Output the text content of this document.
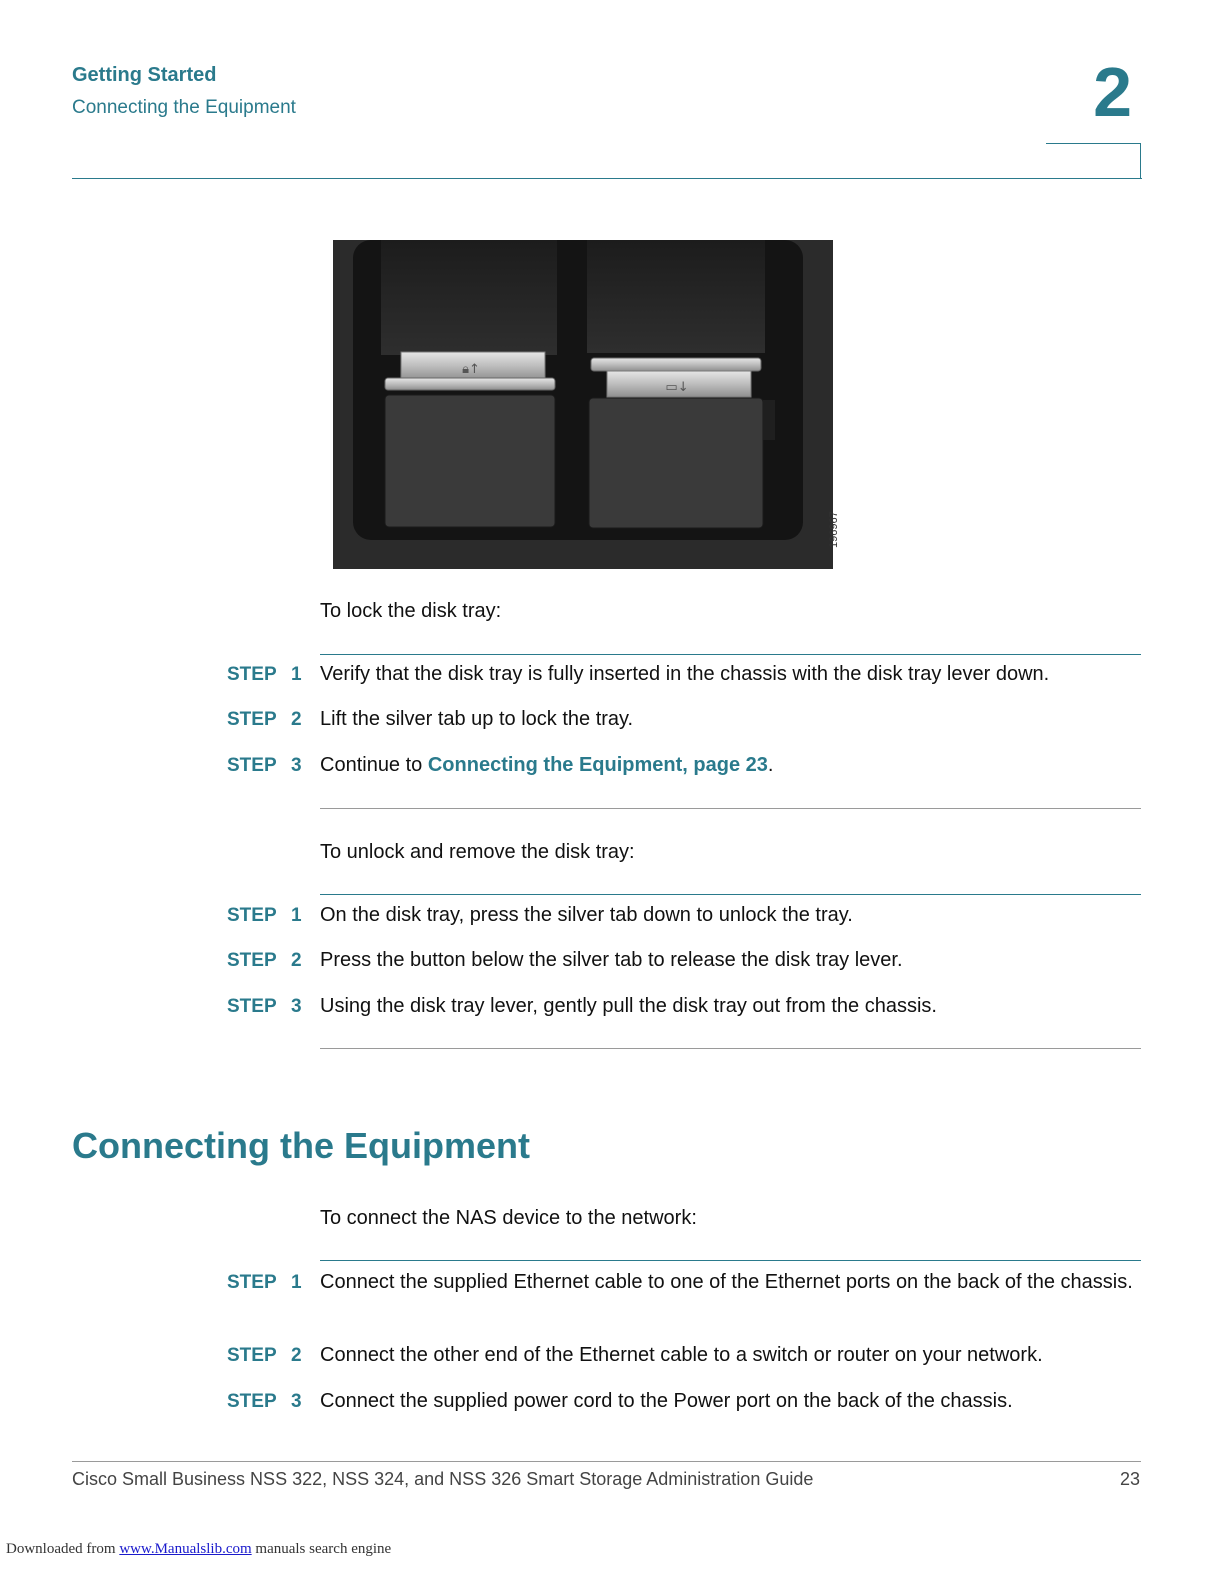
Getting Started
Connecting the Equipment	2
🔒︎↑
▭↓
196967
To lock the disk tray:
STEP 1 Verify that the disk tray is fully inserted in the chassis with the disk tray lever down.
STEP 2 Lift the silver tab up to lock the tray.
STEP 3 Continue to Connecting the Equipment, page 23.
To unlock and remove the disk tray:
STEP 1 On the disk tray, press the silver tab down to unlock the tray.
STEP 2 Press the button below the silver tab to release the disk tray lever.
STEP 3 Using the disk tray lever, gently pull the disk tray out from the chassis.
Connecting the Equipment
To connect the NAS device to the network:
STEP 1 Connect the supplied Ethernet cable to one of the Ethernet ports on the back of the chassis.
STEP 2 Connect the other end of the Ethernet cable to a switch or router on your network.
STEP 3 Connect the supplied power cord to the Power port on the back of the chassis.
Cisco Small Business NSS 322, NSS 324, and NSS 326 Smart Storage Administration Guide	23
Downloaded from www.Manualslib.com manuals search engine
